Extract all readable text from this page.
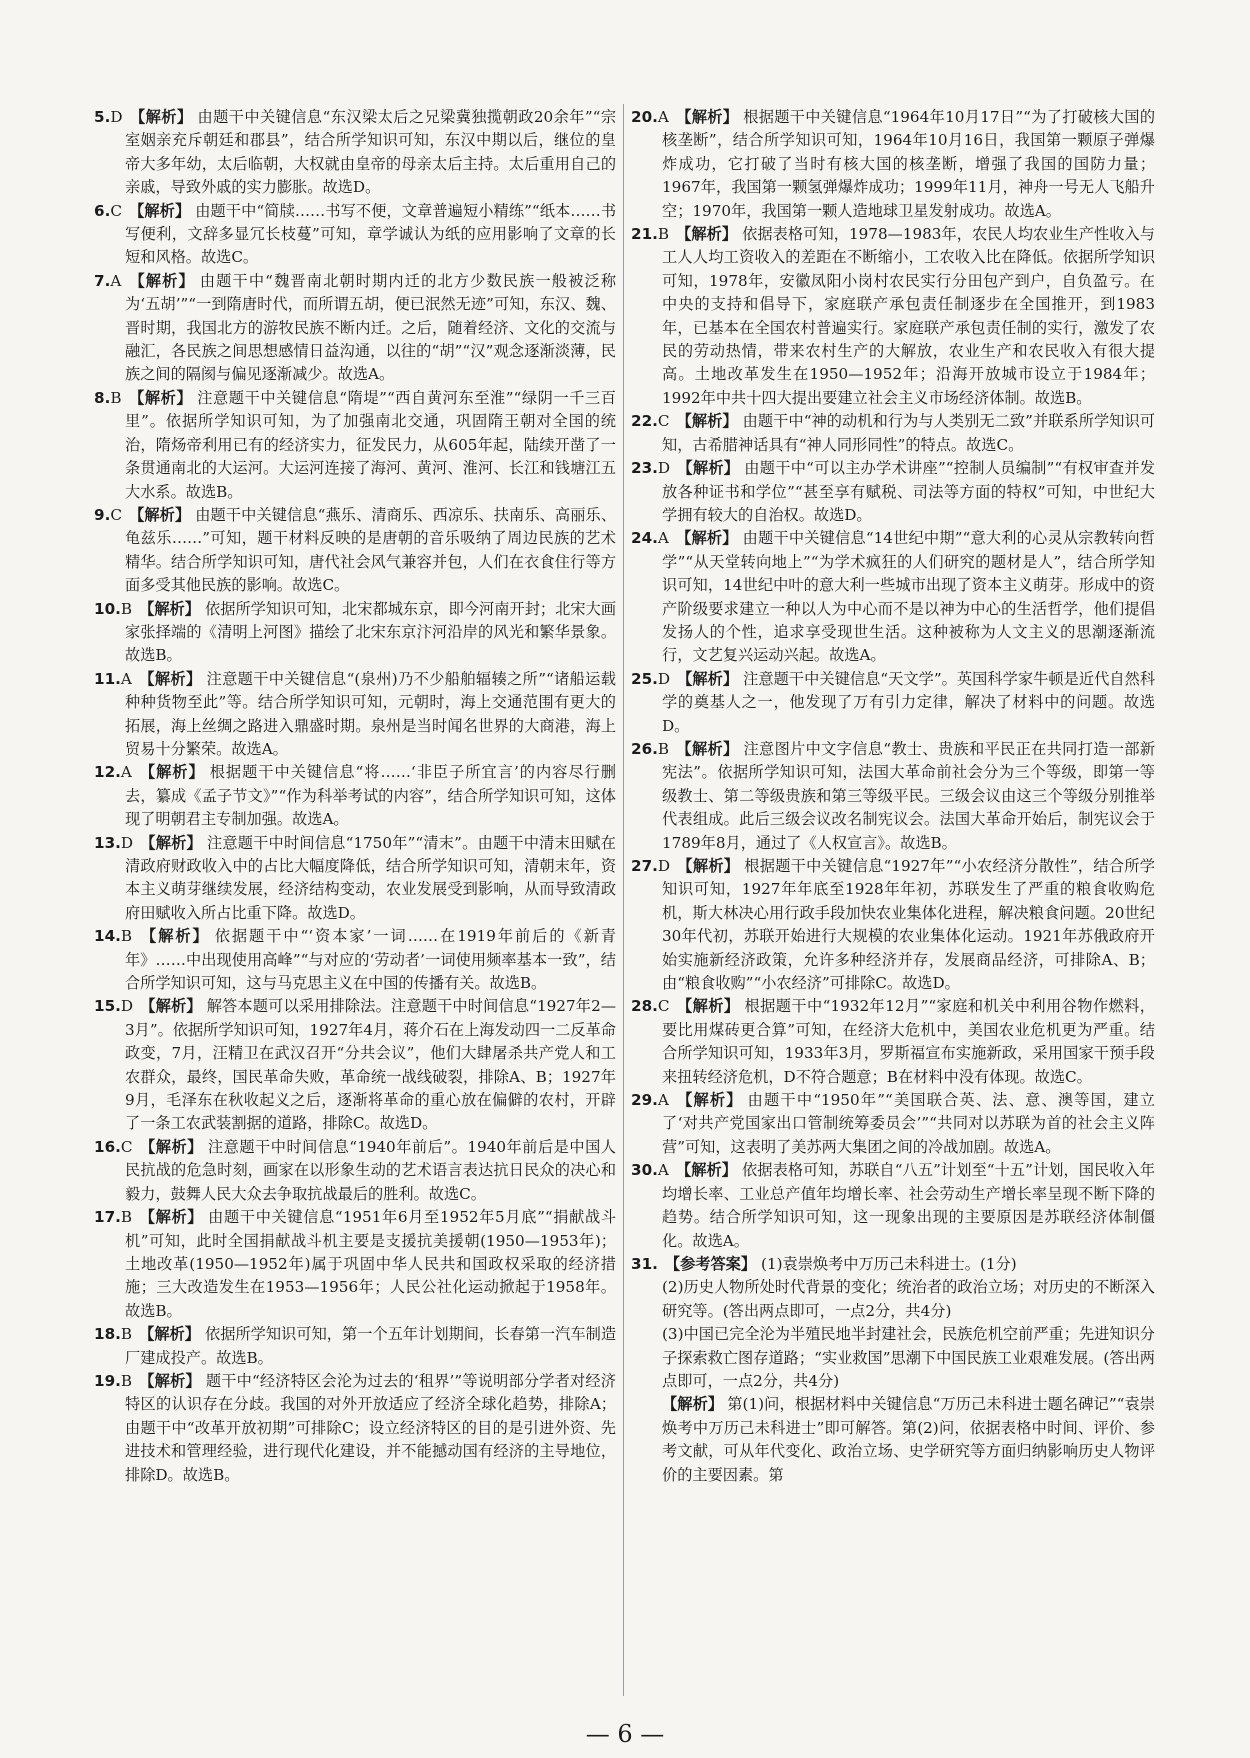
5.D 【解析】 由题干中关键信息“东汉梁太后之兄梁冀独揽朝政20余年”“宗室姻亲充斥朝廷和郡县”，结合所学知识可知，东汉中期以后，继位的皇帝大多年幼，太后临朝，大权就由皇帝的母亲太后主持。太后重用自己的亲戚，导致外戚的实力膨胀。故选D。

6.C 【解析】 由题干中“简牍……书写不便，文章普遍短小精练”“纸本……书写便利，文辞多显冗长枝蔓”可知，章学诚认为纸的应用影响了文章的长短和风格。故选C。

7.A 【解析】 由题干中“魏晋南北朝时期内迁的北方少数民族一般被泛称为‘五胡’”“一到隋唐时代，而所谓五胡，便已泯然无迹”可知，东汉、魏、晋时期，我国北方的游牧民族不断内迁。之后，随着经济、文化的交流与融汇，各民族之间思想感情日益沟通，以往的“胡”“汉”观念逐渐淡薄，民族之间的隔阂与偏见逐渐减少。故选A。

8.B 【解析】 注意题干中关键信息“隋堤”“西自黄河东至淮”“绿阴一千三百里”。依据所学知识可知，为了加强南北交通，巩固隋王朝对全国的统治，隋炀帝利用已有的经济实力，征发民力，从605年起，陆续开凿了一条贯通南北的大运河。大运河连接了海河、黄河、淮河、长江和钱塘江五大水系。故选B。

9.C 【解析】 由题干中关键信息“燕乐、清商乐、西凉乐、扶南乐、高丽乐、龟兹乐……”可知，题干材料反映的是唐朝的音乐吸纳了周边民族的艺术精华。结合所学知识可知，唐代社会风气兼容并包，人们在衣食住行等方面多受其他民族的影响。故选C。

10.B 【解析】 依据所学知识可知，北宋都城东京，即今河南开封；北宋大画家张择端的《清明上河图》描绘了北宋东京汴河沿岸的风光和繁华景象。故选B。

11.A 【解析】 注意题干中关键信息“(泉州)乃不少船舶辐辏之所”“诸船运载种种货物至此”等。结合所学知识可知，元朝时，海上交通范围有更大的拓展，海上丝绸之路进入鼎盛时期。泉州是当时闻名世界的大商港，海上贸易十分繁荣。故选A。

12.A 【解析】 根据题干中关键信息“将……‘非臣子所宜言’的内容尽行删去，纂成《孟子节文》”“作为科举考试的内容”，结合所学知识可知，这体现了明朝君主专制加强。故选A。

13.D 【解析】 注意题干中时间信息“1750年”“清末”。由题干中清末田赋在清政府财政收入中的占比大幅度降低，结合所学知识可知，清朝末年，资本主义萌芽继续发展，经济结构变动，农业发展受到影响，从而导致清政府田赋收入所占比重下降。故选D。

14.B 【解析】 依据题干中“‘资本家’一词……在1919年前后的《新青年》……中出现使用高峰”“与对应的‘劳动者’一词使用频率基本一致”，结合所学知识可知，这与马克思主义在中国的传播有关。故选B。

15.D 【解析】 解答本题可以采用排除法。注意题干中时间信息“1927年2—3月”。依据所学知识可知，1927年4月，蒋介石在上海发动四一二反革命政变，7月，汪精卫在武汉召开“分共会议”，他们大肆屠杀共产党人和工农群众，最终，国民革命失败，革命统一战线破裂，排除A、B；1927年9月，毛泽东在秋收起义之后，逐渐将革命的重心放在偏僻的农村，开辟了一条工农武装割据的道路，排除C。故选D。

16.C 【解析】 注意题干中时间信息“1940年前后”。1940年前后是中国人民抗战的危急时刻，画家在以形象生动的艺术语言表达抗日民众的决心和毅力，鼓舞人民大众去争取抗战最后的胜利。故选C。

17.B 【解析】 由题干中关键信息“1951年6月至1952年5月底”“捐献战斗机”可知，此时全国捐献战斗机主要是支援抗美援朝(1950—1953年)；土地改革(1950—1952年)属于巩固中华人民共和国政权采取的经济措施；三大改造发生在1953—1956年；人民公社化运动掀起于1958年。故选B。

18.B 【解析】 依据所学知识可知，第一个五年计划期间，长春第一汽车制造厂建成投产。故选B。

19.B 【解析】 题干中“经济特区会沦为过去的‘租界’”等说明部分学者对经济特区的认识存在分歧。我国的对外开放适应了经济全球化趋势，排除A；由题干中“改革开放初期”可排除C；设立经济特区的目的是引进外资、先进技术和管理经验，进行现代化建设，并不能撼动国有经济的主导地位，排除D。故选B。

20.A 【解析】 根据题干中关键信息“1964年10月17日”“为了打破核大国的核垄断”，结合所学知识可知，1964年10月16日，我国第一颗原子弹爆炸成功，它打破了当时有核大国的核垄断，增强了我国的国防力量；1967年，我国第一颗氢弹爆炸成功；1999年11月，神舟一号无人飞船升空；1970年，我国第一颗人造地球卫星发射成功。故选A。

21.B 【解析】 依据表格可知，1978—1983年，农民人均农业生产性收入与工人人均工资收入的差距在不断缩小，工农收入比在降低。依据所学知识可知，1978年，安徽凤阳小岗村农民实行分田包产到户，自负盈亏。在中央的支持和倡导下，家庭联产承包责任制逐步在全国推开，到1983年，已基本在全国农村普遍实行。家庭联产承包责任制的实行，激发了农民的劳动热情，带来农村生产的大解放，农业生产和农民收入有很大提高。土地改革发生在1950—1952年；沿海开放城市设立于1984年；1992年中共十四大提出要建立社会主义市场经济体制。故选B。

22.C 【解析】 由题干中“神的动机和行为与人类别无二致”并联系所学知识可知，古希腊神话具有“神人同形同性”的特点。故选C。

23.D 【解析】 由题干中“可以主办学术讲座”“控制人员编制”“有权审查并发放各种证书和学位”“甚至享有赋税、司法等方面的特权”可知，中世纪大学拥有较大的自治权。故选D。

24.A 【解析】 由题干中关键信息“14世纪中期”“意大利的心灵从宗教转向哲学”“从天堂转向地上”“为学术疯狂的人们研究的题材是人”，结合所学知识可知，14世纪中叶的意大利一些城市出现了资本主义萌芽。形成中的资产阶级要求建立一种以人为中心而不是以神为中心的生活哲学，他们提倡发扬人的个性，追求享受现世生活。这种被称为人文主义的思潮逐渐流行，文艺复兴运动兴起。故选A。

25.D 【解析】 注意题干中关键信息“天文学”。英国科学家牛顿是近代自然科学的奠基人之一，他发现了万有引力定律，解决了材料中的问题。故选D。

26.B 【解析】 注意图片中文字信息“教士、贵族和平民正在共同打造一部新宪法”。依据所学知识可知，法国大革命前社会分为三个等级，即第一等级教士、第二等级贵族和第三等级平民。三级会议由这三个等级分别推举代表组成。此后三级会议改名制宪议会。法国大革命开始后，制宪议会于1789年8月，通过了《人权宣言》。故选B。

27.D 【解析】 根据题干中关键信息“1927年”“小农经济分散性”，结合所学知识可知，1927年年底至1928年年初，苏联发生了严重的粮食收购危机，斯大林决心用行政手段加快农业集体化进程，解决粮食问题。20世纪30年代初，苏联开始进行大规模的农业集体化运动。1921年苏俄政府开始实施新经济政策，允许多种经济并存，发展商品经济，可排除A、B；由“粮食收购”“小农经济”可排除C。故选D。

28.C 【解析】 根据题干中“1932年12月”“家庭和机关中利用谷物作燃料，要比用煤砖更合算”可知，在经济大危机中，美国农业危机更为严重。结合所学知识可知，1933年3月，罗斯福宣布实施新政，采用国家干预手段来扭转经济危机，D不符合题意；B在材料中没有体现。故选C。

29.A 【解析】 由题干中“1950年”“美国联合英、法、意、澳等国，建立了‘对共产党国家出口管制统筹委员会’”“共同对以苏联为首的社会主义阵营”可知，这表明了美苏两大集团之间的冷战加剧。故选A。

30.A 【解析】 依据表格可知，苏联自“八五”计划至“十五”计划，国民收入年均增长率、工业总产值年均增长率、社会劳动生产增长率呈现不断下降的趋势。结合所学知识可知，这一现象出现的主要原因是苏联经济体制僵化。故选A。

31. 【参考答案】 (1)袁崇焕考中万历己未科进士。(1分)

(2)历史人物所处时代背景的变化；统治者的政治立场；对历史的不断深入研究等。(答出两点即可，一点2分，共4分)

(3)中国已完全沦为半殖民地半封建社会，民族危机空前严重；先进知识分子探索救亡图存道路；“实业救国”思潮下中国民族工业艰难发展。(答出两点即可，一点2分，共4分)

【解析】 第(1)问，根据材料中关键信息“万历己未科进士题名碑记”“袁崇焕考中万历己未科进士”即可解答。第(2)问，依据表格中时间、评价、参考文献，可从年代变化、政治立场、史学研究等方面归纳影响历史人物评价的主要因素。第

— 6 —
